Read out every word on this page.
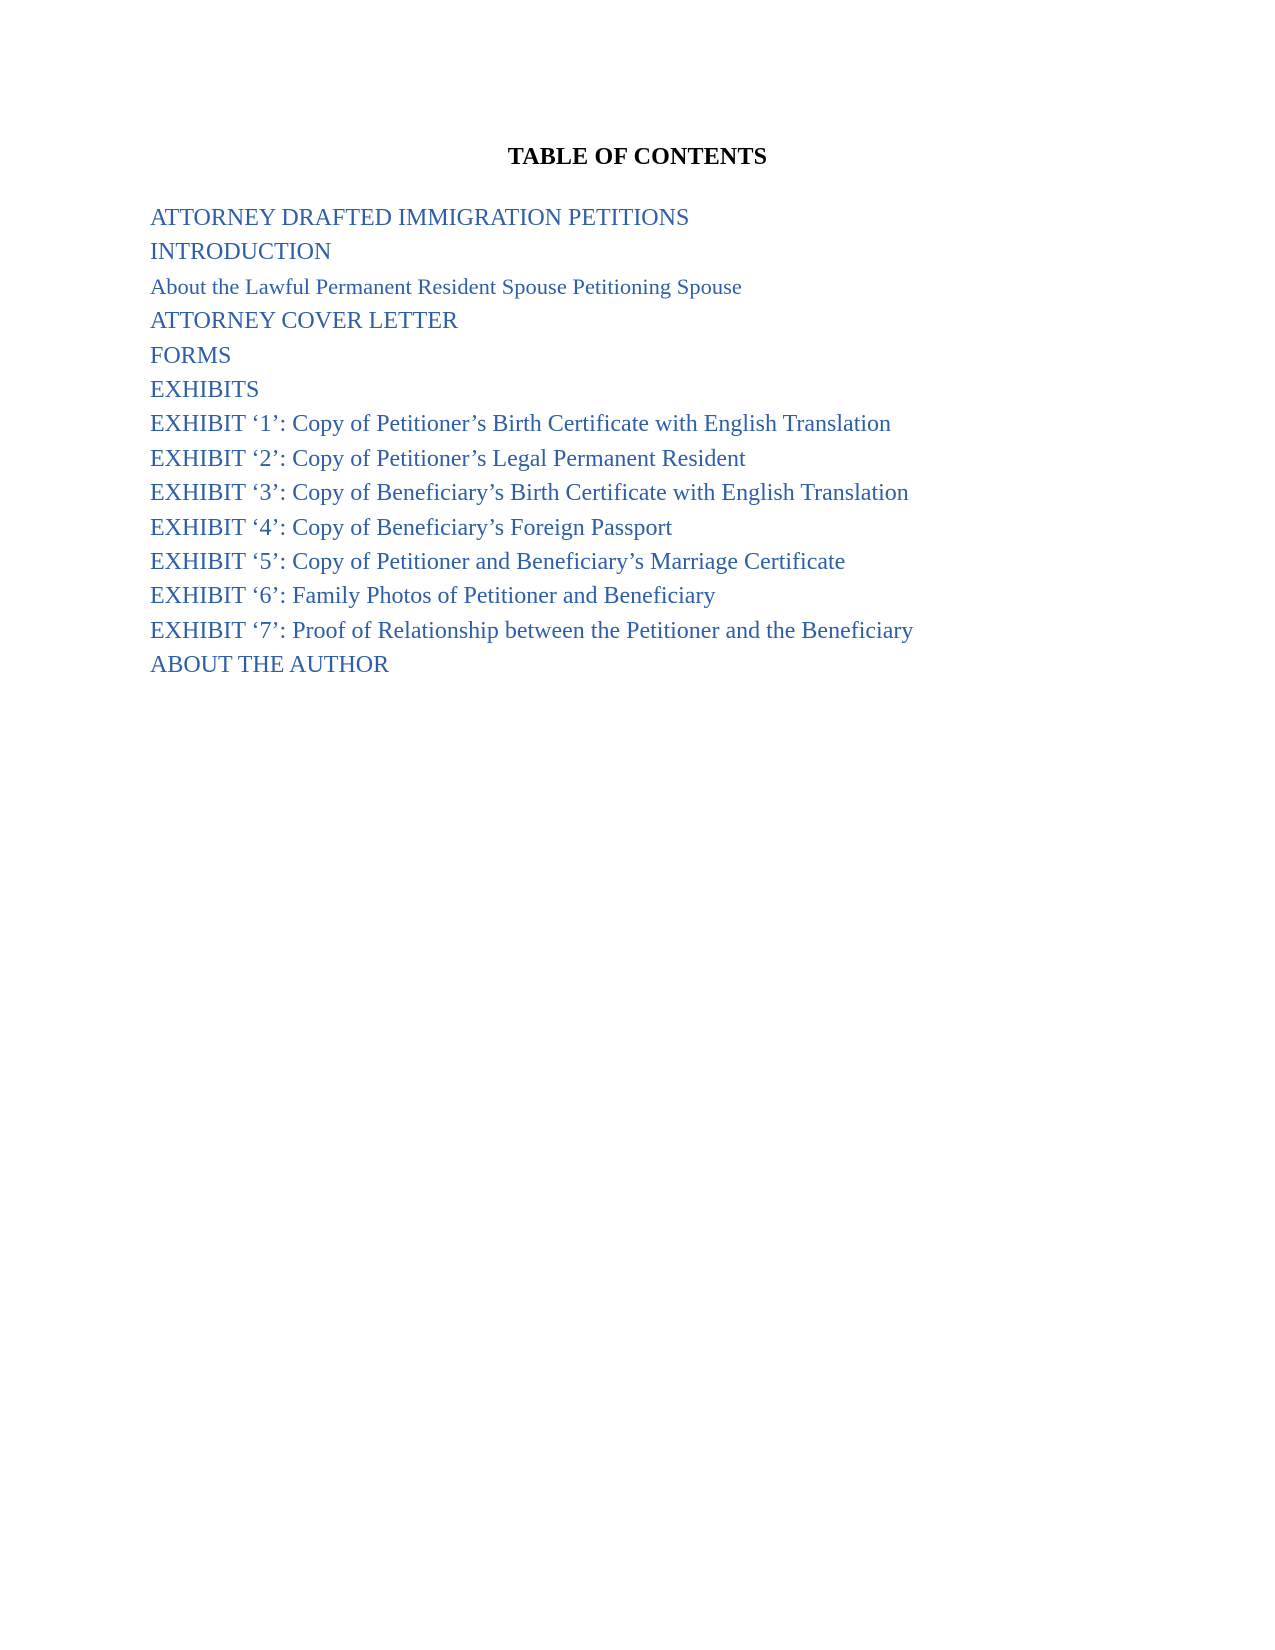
TABLE OF CONTENTS
ATTORNEY DRAFTED IMMIGRATION PETITIONS
INTRODUCTION
About the Lawful Permanent Resident Spouse Petitioning Spouse
ATTORNEY COVER LETTER
FORMS
EXHIBITS
EXHIBIT ‘1’: Copy of Petitioner’s Birth Certificate with English Translation
EXHIBIT ‘2’: Copy of Petitioner’s Legal Permanent Resident
EXHIBIT ‘3’: Copy of Beneficiary’s Birth Certificate with English Translation
EXHIBIT ‘4’: Copy of Beneficiary’s Foreign Passport
EXHIBIT ‘5’: Copy of Petitioner and Beneficiary’s Marriage Certificate
EXHIBIT ‘6’: Family Photos of Petitioner and Beneficiary
EXHIBIT ‘7’: Proof of Relationship between the Petitioner and the Beneficiary
ABOUT THE AUTHOR
